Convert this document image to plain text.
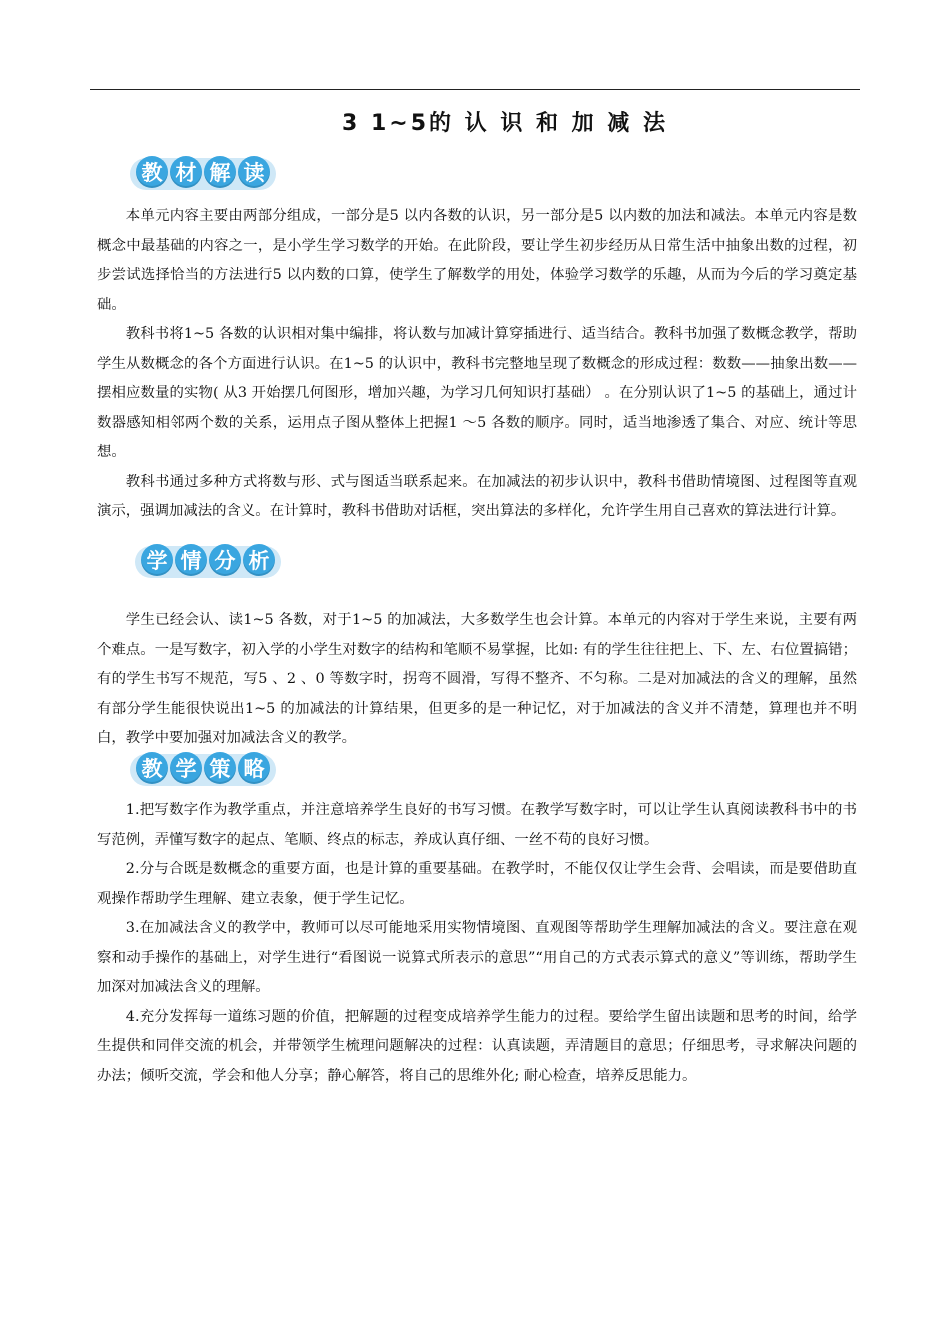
3 1~5的 认 识 和 加 减 法
教 材 解 读

本单元内容主要由两部分组成，一部分是5 以内各数的认识，另一部分是5 以内数的加法和减法。本单元内容是数概念中最基础的内容之一，是小学生学习数学的开始。在此阶段，要让学生初步经历从日常生活中抽象出数的过程，初步尝试选择恰当的方法进行5 以内数的口算，使学生了解数学的用处，体验学习数学的乐趣，从而为今后的学习奠定基础。

教科书将1~5 各数的认识相对集中编排，将认数与加减计算穿插进行、适当结合。教科书加强了数概念教学，帮助学生从数概念的各个方面进行认识。在1~5 的认识中，教科书完整地呈现了数概念的形成过程：数数——抽象出数——摆相应数量的实物( 从3 开始摆几何图形，增加兴趣，为学习几何知识打基础） 。在分别认识了1~5 的基础上，通过计数器感知相邻两个数的关系，运用点子图从整体上把握1 ～5 各数的顺序。同时，适当地渗透了集合、对应、统计等思想。

教科书通过多种方式将数与形、式与图适当联系起来。在加减法的初步认识中，教科书借助情境图、过程图等直观演示，强调加减法的含义。在计算时，教科书借助对话框，突出算法的多样化，允许学生用自己喜欢的算法进行计算。

学 情 分 析

学生已经会认、读1~5 各数，对于1~5 的加减法，大多数学生也会计算。本单元的内容对于学生来说，主要有两个难点。一是写数字，初入学的小学生对数字的结构和笔顺不易掌握，比如: 有的学生往往把上、下、左、右位置搞错；有的学生书写不规范，写5 、2 、0 等数字时，拐弯不圆滑，写得不整齐、不匀称。二是对加减法的含义的理解，虽然有部分学生能很快说出1~5 的加减法的计算结果，但更多的是一种记忆，对于加减法的含义并不清楚，算理也并不明白，教学中要加强对加减法含义的教学。

教 学 策 略

1.把写数字作为教学重点，并注意培养学生良好的书写习惯。在教学写数字时，可以让学生认真阅读教科书中的书写范例，弄懂写数字的起点、笔顺、终点的标志，养成认真仔细、一丝不苟的良好习惯。

2.分与合既是数概念的重要方面，也是计算的重要基础。在教学时，不能仅仅让学生会背、会唱读，而是要借助直观操作帮助学生理解、建立表象，便于学生记忆。

3.在加减法含义的教学中，教师可以尽可能地采用实物情境图、直观图等帮助学生理解加减法的含义。要注意在观察和动手操作的基础上，对学生进行“看图说一说算式所表示的意思”“用自己的方式表示算式的意义”等训练，帮助学生加深对加减法含义的理解。

4.充分发挥每一道练习题的价值，把解题的过程变成培养学生能力的过程。要给学生留出读题和思考的时间，给学生提供和同伴交流的机会，并带领学生梳理问题解决的过程：认真读题，弄清题目的意思；仔细思考，寻求解决问题的办法；倾听交流，学会和他人分享；静心解答，将自己的思维外化; 耐心检查，培养反思能力。
